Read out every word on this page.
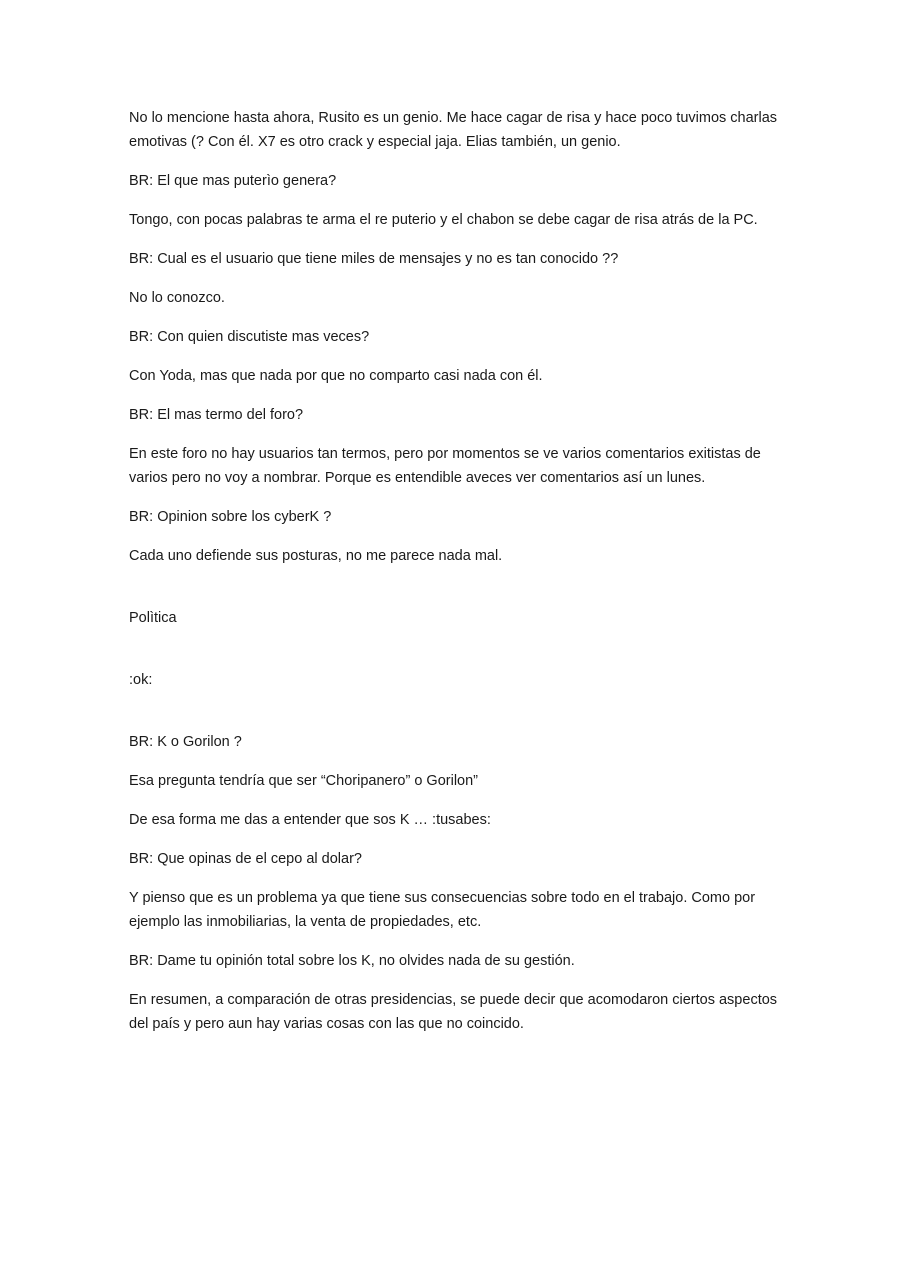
No lo mencione hasta ahora, Rusito es un genio. Me hace cagar de risa y hace poco tuvimos charlas emotivas (? Con él. X7 es otro crack y especial jaja. Elias también, un genio.

BR: El que mas puterìo genera?

Tongo, con pocas palabras te arma el re puterio y el chabon se debe cagar de risa atrás de la PC.

BR: Cual es el usuario que tiene miles de mensajes y no es tan conocido ??

No lo conozco.

BR: Con quien discutiste mas veces?

Con Yoda, mas que nada por que no comparto casi nada con él.

BR: El mas termo del foro?

En este foro no hay usuarios tan termos, pero por momentos se ve varios comentarios exitistas de varios pero no voy a nombrar. Porque es entendible aveces ver comentarios así un lunes.

BR: Opinion sobre los cyberK ?

Cada uno defiende sus posturas, no me parece nada mal.

Polìtica

:ok:

BR: K o Gorilon ?

Esa pregunta tendría que ser “Choripanero” o Gorilon”

De esa forma me das a entender que sos K … :tusabes:

BR: Que opinas de el cepo al dolar?

Y pienso que es un problema ya que tiene sus consecuencias sobre todo en el trabajo. Como por ejemplo las inmobiliarias, la venta de propiedades, etc.

BR: Dame tu opinión total sobre los K, no olvides nada de su gestión.

En resumen, a comparación de otras presidencias, se puede decir que acomodaron ciertos aspectos del país y pero aun hay varias cosas con las que no coincido.
